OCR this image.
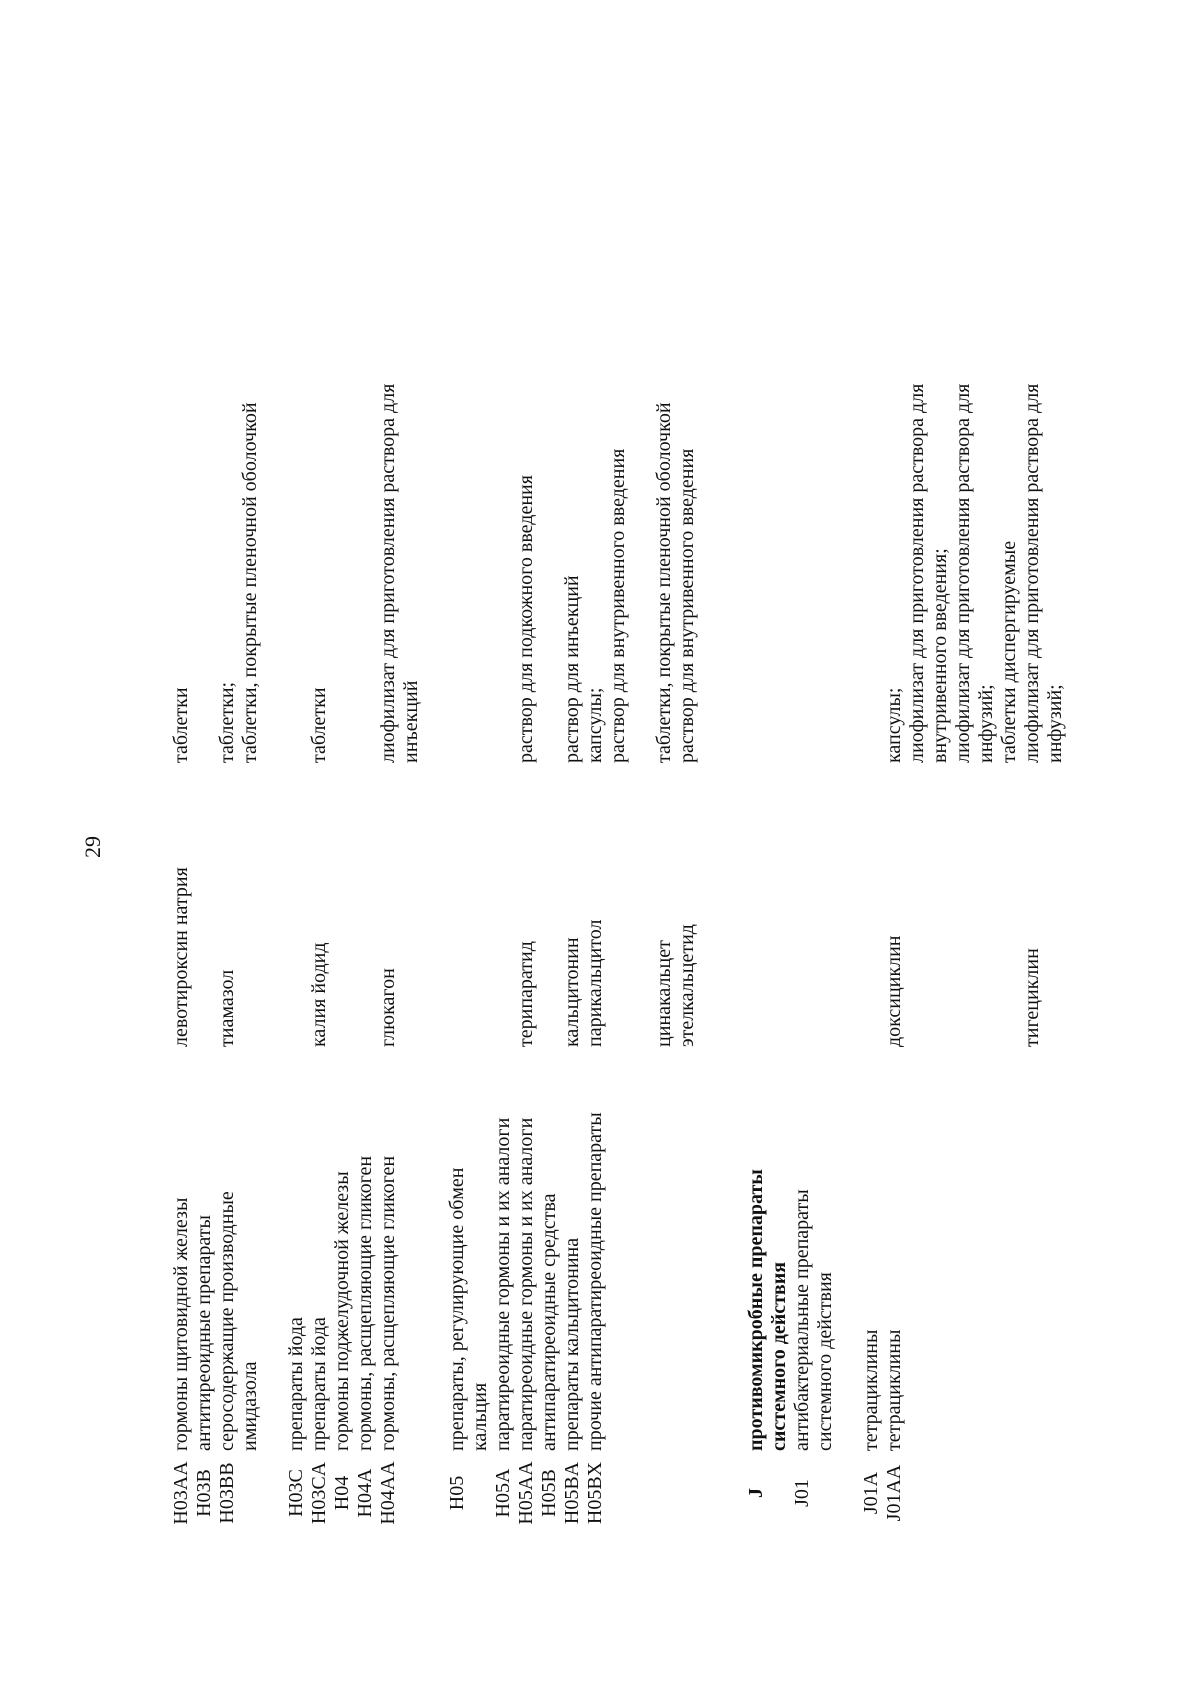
29
H03AA
гормоны щитовидной железы
левотироксин натрия
таблетки
H03B
антитиреоидные препараты
H03BB
серосодержащие производные
имидазола
тиамазол
таблетки;
таблетки, покрытые пленочной оболочкой
H03C
препараты йода
H03CA
препараты йода
калия йодид
таблетки
H04
гормоны поджелудочной железы
H04A
гормоны, расщепляющие гликоген
H04AA
гормоны, расщепляющие гликоген
глюкагон
лиофилизат для приготовления раствора для
инъекций
H05
препараты, регулирующие обмен
кальция
H05A
паратиреоидные гормоны и их аналоги
H05AA
паратиреоидные гормоны и их аналоги
терипаратид
раствор для подкожного введения
H05B
антипаратиреоидные средства
H05BA
препараты кальцитонина
кальцитонин
раствор для инъекций
H05BX
прочие антипаратиреоидные препараты
парикальцитол
капсулы;
раствор для внутривенного введения
цинакальцет
таблетки, покрытые пленочной оболочкой
этелкальцетид
раствор для внутривенного введения
J
противомикробные препараты
системного действия
J01
антибактериальные препараты
системного действия
J01A
тетрациклины
J01AA
тетрациклины
доксициклин
капсулы;
лиофилизат для приготовления раствора для
внутривенного введения;
лиофилизат для приготовления раствора для
инфузий;
таблетки диспергируемые
тигециклин
лиофилизат для приготовления раствора для
инфузий;
